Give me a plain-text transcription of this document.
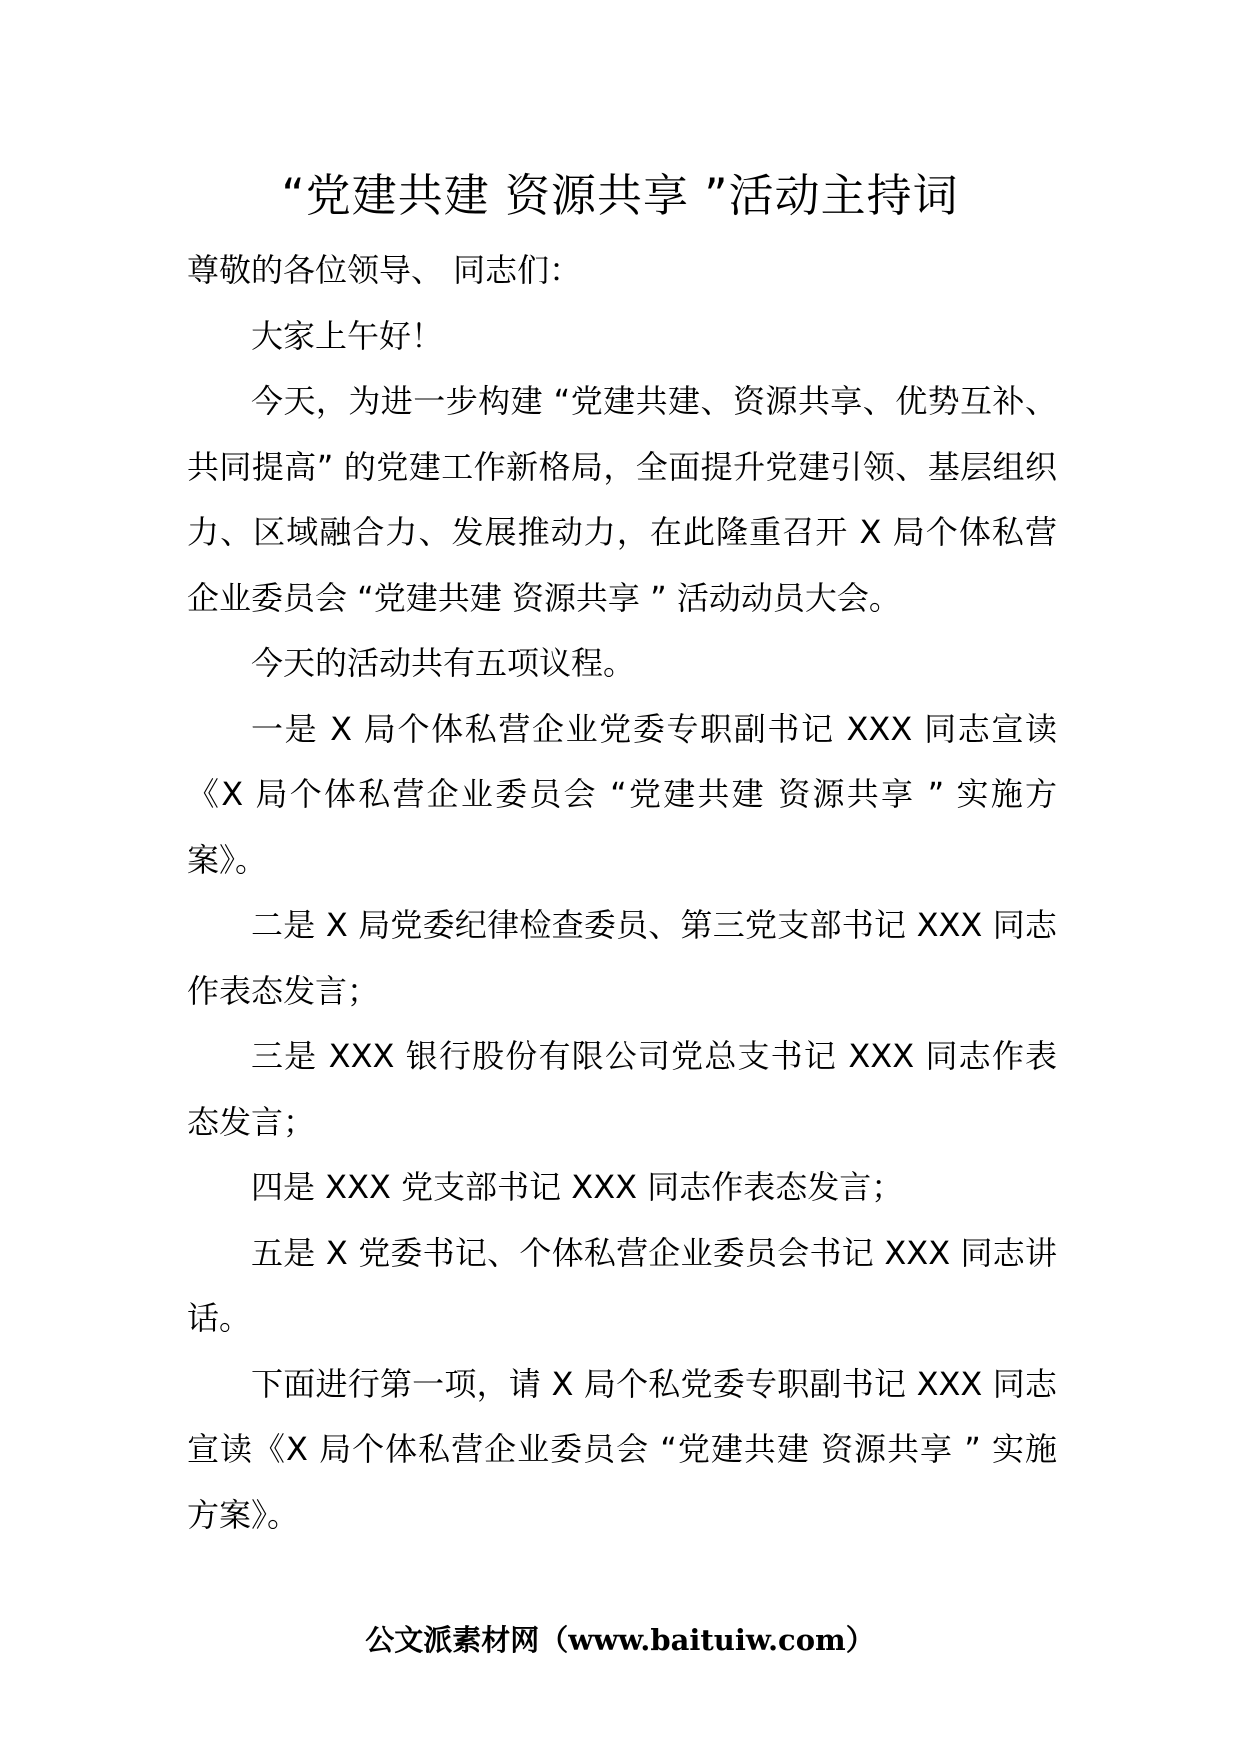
“党建共建 资源共享 ”活动主持词

尊敬的各位领导、 同志们：

大家上午好！

今天，为进一步构建 “党建共建、资源共享、优势互补、共同提高” 的党建工作新格局，全面提升党建引领、基层组织力、区域融合力、发展推动力，在此隆重召开 X 局个体私营企业委员会 “党建共建 资源共享 ” 活动动员大会。

今天的活动共有五项议程。

一是 X 局个体私营企业党委专职副书记 XXX 同志宣读《X 局个体私营企业委员会 “党建共建 资源共享 ” 实施方案》。

二是 X 局党委纪律检查委员、第三党支部书记 XXX 同志作表态发言；

三是 XXX 银行股份有限公司党总支书记 XXX 同志作表态发言；

四是 XXX 党支部书记 XXX 同志作表态发言；

五是 X 党委书记、个体私营企业委员会书记 XXX 同志讲话。

下面进行第一项，请 X 局个私党委专职副书记 XXX 同志宣读《X 局个体私营企业委员会 “党建共建 资源共享 ” 实施方案》。

公文派素材网（www.baituiw.com）
